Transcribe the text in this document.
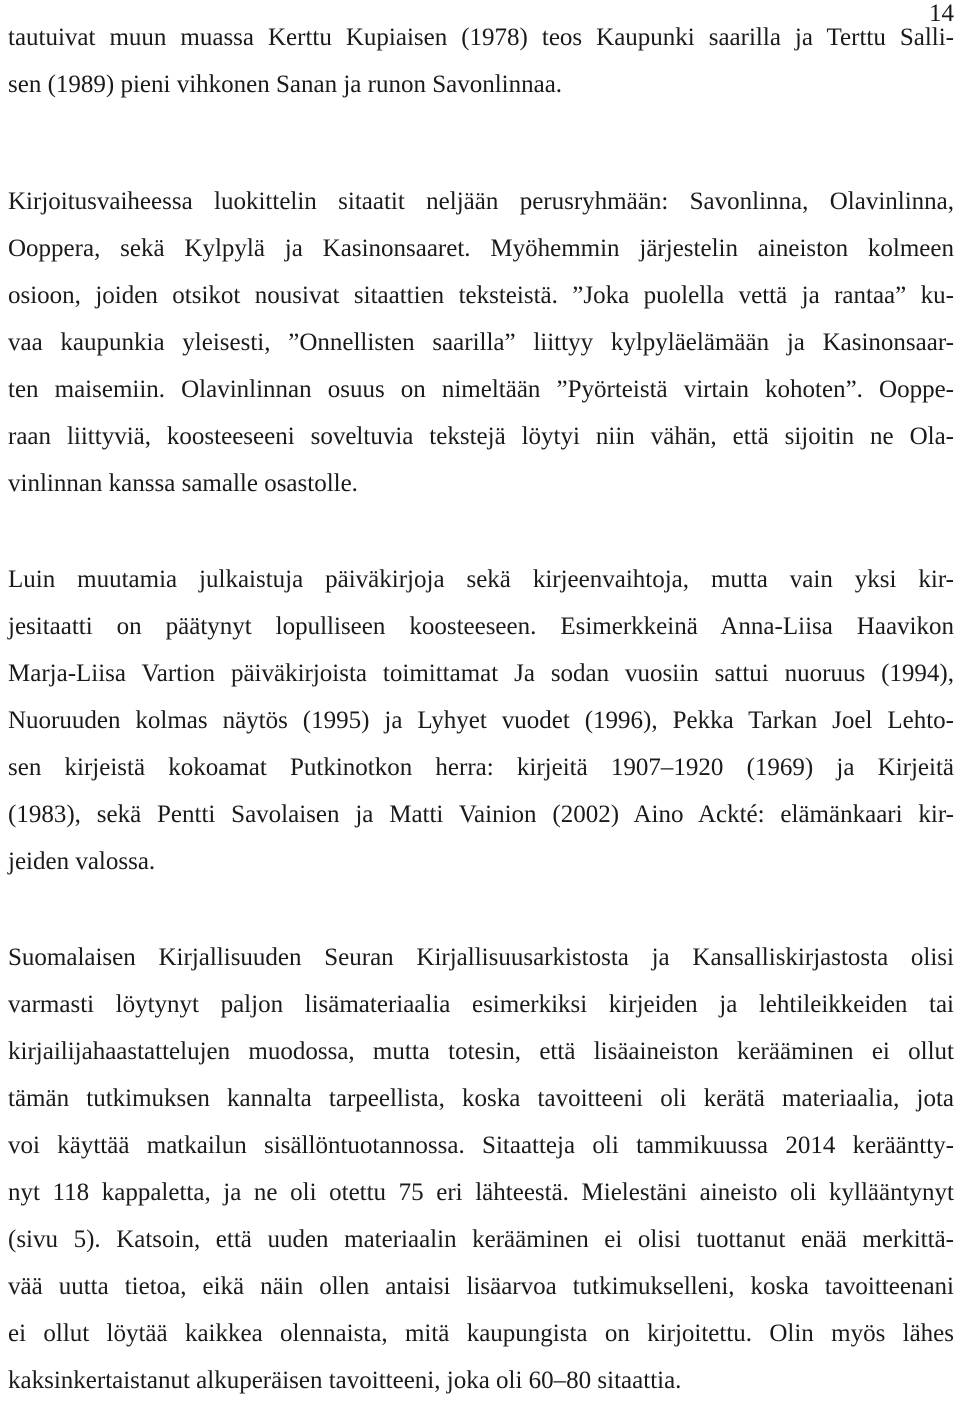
14
tautuivat muun muassa Kerttu Kupiaisen (1978) teos Kaupunki saarilla ja Terttu Salli-
sen (1989) pieni vihkonen Sanan ja runon Savonlinnaa.
Kirjoitusvaiheessa luokittelin sitaatit neljään perusryhmään: Savonlinna, Olavinlinna,
Ooppera, sekä Kylpylä ja Kasinonsaaret. Myöhemmin järjestelin aineiston kolmeen
osioon, joiden otsikot nousivat sitaattien teksteistä. ”Joka puolella vettä ja rantaa” ku-
vaa kaupunkia yleisesti, ”Onnellisten saarilla” liittyy kylpyläelämään ja Kasinonsaar-
ten maisemiin. Olavinlinnan osuus on nimeltään ”Pyörteistä virtain kohoten”. Ooppe-
raan liittyviä, koosteeseeni soveltuvia tekstejä löytyi niin vähän, että sijoitin ne Ola-
vinlinnan kanssa samalle osastolle.
Luin muutamia julkaistuja päiväkirjoja sekä kirjeenvaihtoja, mutta vain yksi kir-
jesitaatti on päätynyt lopulliseen koosteeseen. Esimerkkeinä Anna-Liisa Haavikon
Marja-Liisa Vartion päiväkirjoista toimittamat Ja sodan vuosiin sattui nuoruus (1994),
Nuoruuden kolmas näytös (1995) ja Lyhyet vuodet (1996), Pekka Tarkan Joel Lehto-
sen kirjeistä kokoamat Putkinotkon herra: kirjeitä 1907–1920 (1969) ja Kirjeitä
(1983), sekä Pentti Savolaisen ja Matti Vainion (2002) Aino Ackté: elämänkaari kir-
jeiden valossa.
Suomalaisen Kirjallisuuden Seuran Kirjallisuusarkistosta ja Kansalliskirjastosta olisi
varmasti löytynyt paljon lisämateriaalia esimerkiksi kirjeiden ja lehtileikkeiden tai
kirjailijahaastattelujen muodossa, mutta totesin, että lisäaineiston kerääminen ei ollut
tämän tutkimuksen kannalta tarpeellista, koska tavoitteeni oli kerätä materiaalia, jota
voi käyttää matkailun sisällöntuotannossa. Sitaatteja oli tammikuussa 2014 kerääntty-
nyt 118 kappaletta, ja ne oli otettu 75 eri lähteestä. Mielestäni aineisto oli kyllääntynyt
(sivu 5). Katsoin, että uuden materiaalin kerääminen ei olisi tuottanut enää merkittä-
vää uutta tietoa, eikä näin ollen antaisi lisäarvoa tutkimukselleni, koska tavoitteenani
ei ollut löytää kaikkea olennaista, mitä kaupungista on kirjoitettu. Olin myös lähes
kaksinkertaistanut alkuperäisen tavoitteeni, joka oli 60–80 sitaattia.
